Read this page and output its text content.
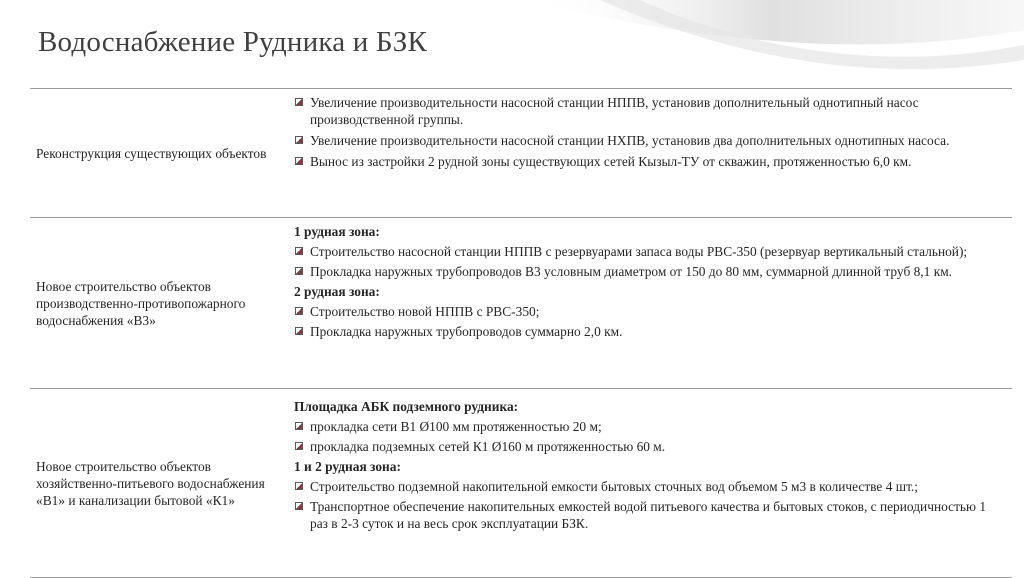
Водоснабжение Рудника и БЗК
Реконструкция существующих объектов
Увеличение производительности насосной станции НППВ, установив дополнительный однотипный насос производственной группы.
Увеличение производительности насосной станции НХПВ, установив два дополнительных однотипных насоса.
Вынос из застройки 2 рудной зоны существующих сетей Кызыл-ТУ от скважин, протяженностью 6,0 км.
Новое строительство объектов производственно-противопожарного водоснабжения «В3»
1 рудная зона:
Строительство насосной станции НППВ с резервуарами запаса воды РВС-350 (резервуар вертикальный стальной);
Прокладка наружных трубопроводов В3 условным диаметром от 150 до 80 мм, суммарной длинной труб 8,1 км.
2 рудная зона:
Строительство новой НППВ с РВС-350;
Прокладка наружных трубопроводов суммарно 2,0 км.
Новое строительство объектов хозяйственно-питьевого водоснабжения «В1» и канализации бытовой «К1»
Площадка АБК подземного рудника:
прокладка сети В1 Ø100 мм протяженностью 20 м;
прокладка подземных сетей К1 Ø160 м протяженностью 60 м.
1 и 2 рудная зона:
Строительство подземной накопительной емкости бытовых сточных вод объемом 5 м3 в количестве 4 шт.;
Транспортное обеспечение накопительных емкостей водой питьевого качества и бытовых стоков, с периодичностью 1 раз в 2-3 суток и на весь срок эксплуатации БЗК.
